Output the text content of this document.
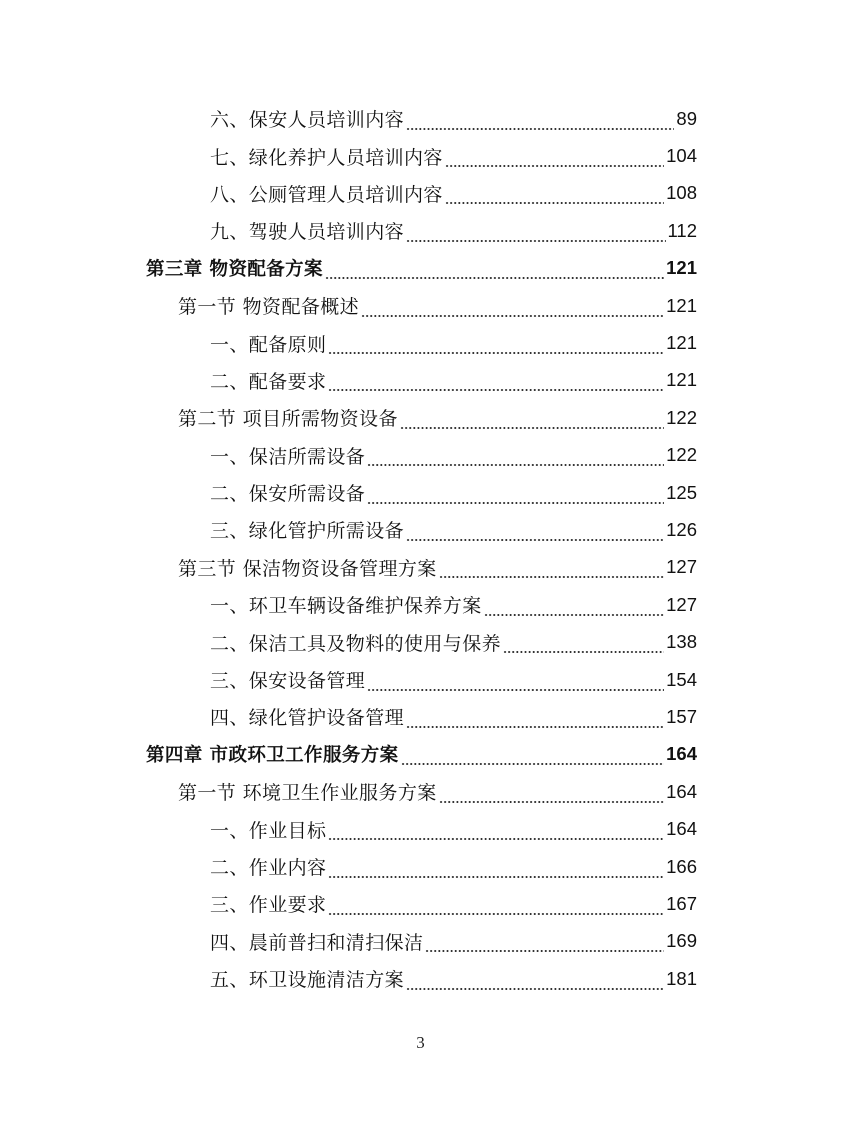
六、保安人员培训内容	89
七、绿化养护人员培训内容	104
八、公厕管理人员培训内容	108
九、驾驶人员培训内容	112
第三章 物资配备方案	121
第一节 物资配备概述	121
一、配备原则	121
二、配备要求	121
第二节 项目所需物资设备	122
一、保洁所需设备	122
二、保安所需设备	125
三、绿化管护所需设备	126
第三节 保洁物资设备管理方案	127
一、环卫车辆设备维护保养方案	127
二、保洁工具及物料的使用与保养	138
三、保安设备管理	154
四、绿化管护设备管理	157
第四章 市政环卫工作服务方案	164
第一节 环境卫生作业服务方案	164
一、作业目标	164
二、作业内容	166
三、作业要求	167
四、晨前普扫和清扫保洁	169
五、环卫设施清洁方案	181
3
